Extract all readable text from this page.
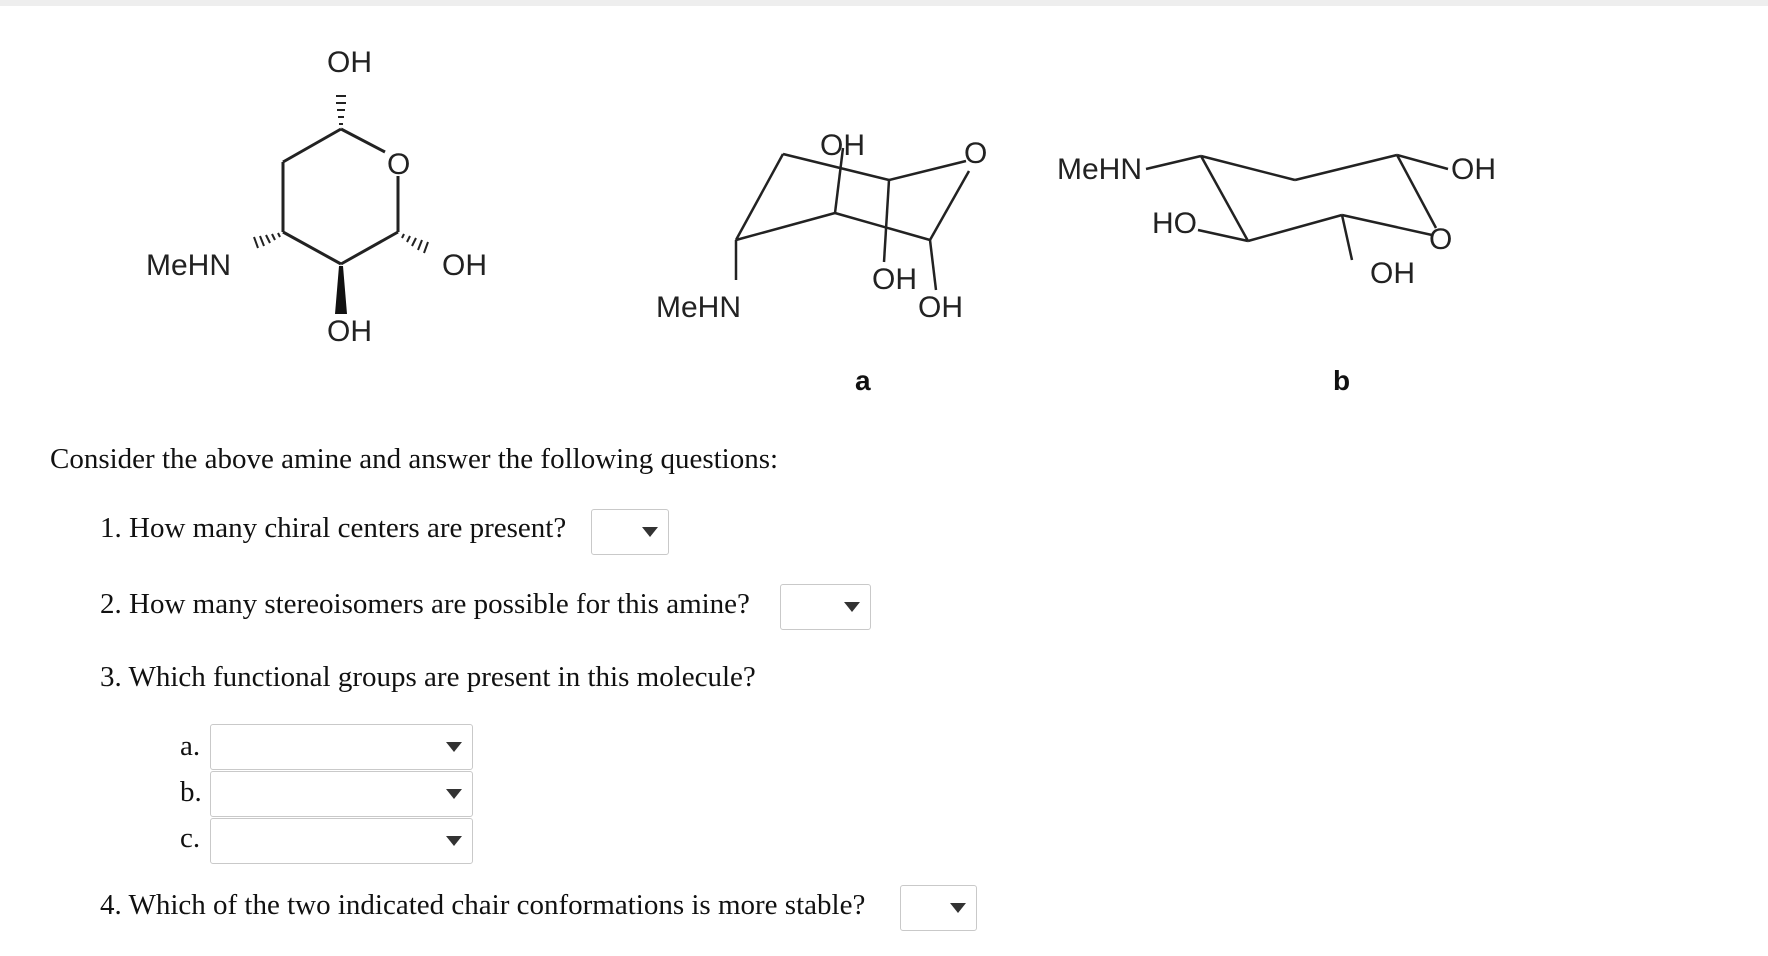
OH
O
MeHN	OH
OH
OH	O
MeHN
OH
OH
a
MeHN	OH
HO	O
OH
b
Consider the above amine and answer the following questions:
1. How many chiral centers are present?
2. How many stereoisomers are possible for this amine?
3. Which functional groups are present in this molecule?
a.
b.
c.
4. Which of the two indicated chair conformations is more stable?
